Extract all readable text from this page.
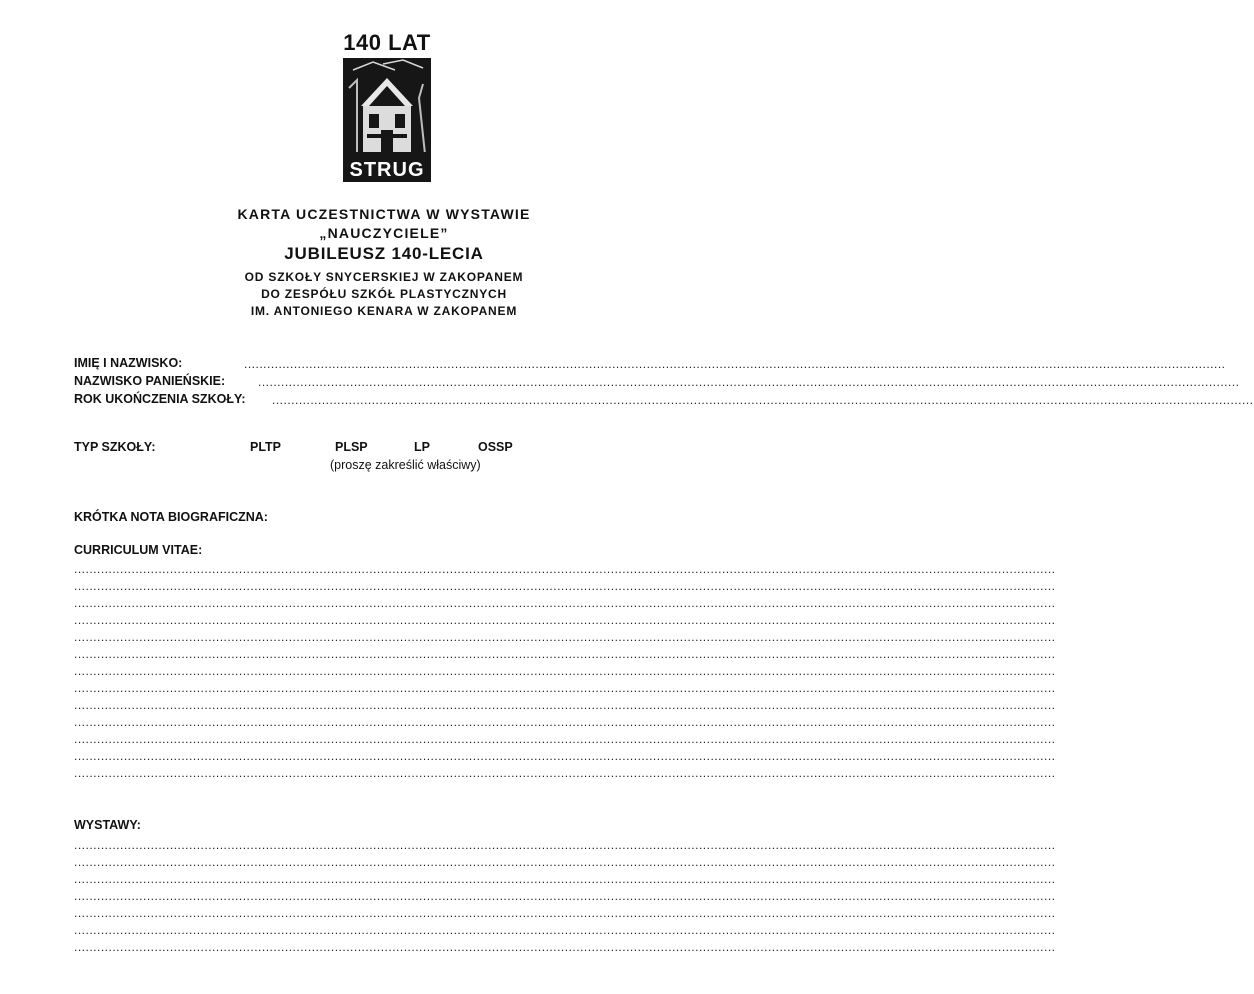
140 LAT
STRUG
KARTA UCZESTNICTWA W WYSTAWIE
„NAUCZYCIELE”
JUBILEUSZ 140-LECIA
OD SZKOŁY SNYCERSKIEJ W ZAKOPANEM
DO ZESPÓŁU SZKÓŁ PLASTYCZNYCH
IM. ANTONIEGO KENARA W ZAKOPANEM
IMIĘ I NAZWISKO:	................................................................................................................................................................................................................................................................
NAZWISKO PANIEŃSKIE:	................................................................................................................................................................................................................................................................
ROK UKOŃCZENIA SZKOŁY: ................................................................................................................................................................................................................................................................
TYP SZKOŁY:	PLTP	PLSP	LP	OSSP
(proszę zakreślić właściwy)
KRÓTKA NOTA BIOGRAFICZNA:
CURRICULUM VITAE:
................................................................................................................................................................................................................................................................
................................................................................................................................................................................................................................................................
................................................................................................................................................................................................................................................................
................................................................................................................................................................................................................................................................
................................................................................................................................................................................................................................................................
................................................................................................................................................................................................................................................................
................................................................................................................................................................................................................................................................
................................................................................................................................................................................................................................................................
................................................................................................................................................................................................................................................................
................................................................................................................................................................................................................................................................
................................................................................................................................................................................................................................................................
................................................................................................................................................................................................................................................................
................................................................................................................................................................................................................................................................
WYSTAWY:
................................................................................................................................................................................................................................................................
................................................................................................................................................................................................................................................................
................................................................................................................................................................................................................................................................
................................................................................................................................................................................................................................................................
................................................................................................................................................................................................................................................................
................................................................................................................................................................................................................................................................
................................................................................................................................................................................................................................................................
